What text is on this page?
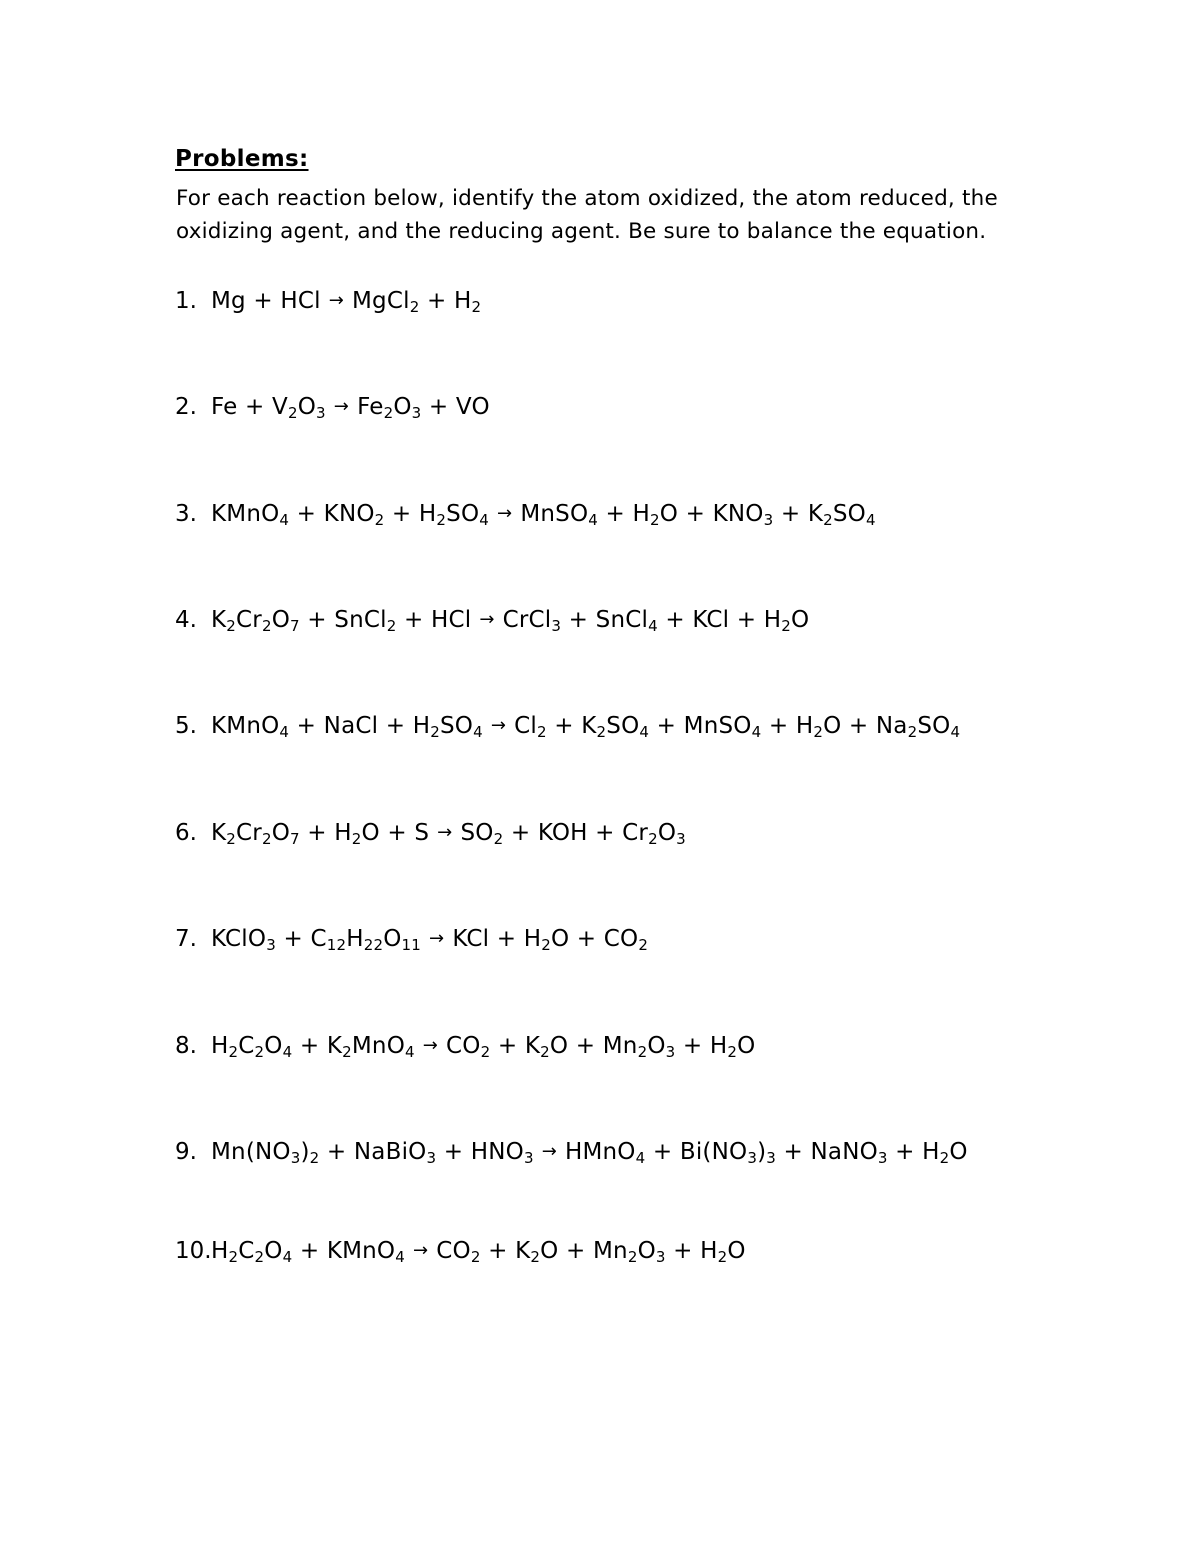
Problems:
For each reaction below, identify the atom oxidized, the atom reduced, the oxidizing agent, and the reducing agent. Be sure to balance the equation.
1. Mg + HCl → MgCl$_2$ + $H_2$
2. $Fe + V_2O_3 \to Fe_2O_3$ + VO
3. KMnO$_4$ + $KNO_2 + H_2SO_4$ → MnSO$_4$ + $H_2O + KNO_3 + K_2SO_4$
4. $K_2Cr_2O_7$ + SnCl$_2$ + HCl → CrCl$_3$ + SnCl$_4$ + KCl + $H_2O$
5. KMnO$_4$ + NaCl + $H_2SO_4 \to Cl_2 + K_2SO_4$ + MnSO$_4$ + $H_2O + Na_2SO_4$
6. $K_2Cr_2O_7 + H_2O + S \to SO_2$ + KOH + $Cr_2O_3$
7. KClO$_3$ + $C_{12}H_{22}O_{11}$ → KCl + $H_2O + CO_2$
8. $H_2C_2O_4 + K_2MnO_4 \to CO_2 + K_2O + Mn_2O_3 + H_2O$
9. $Mn(NO_3)_2$ + NaBiO$_3$ + $HNO_3$ → HMnO$_4$ + $Bi(NO_3)_3$ + NaNO$_3$ + $H_2O$
10. $H_2C_2O_4$ + KMnO$_4$ → $CO_2 + K_2O + Mn_2O_3 + H_2O$
